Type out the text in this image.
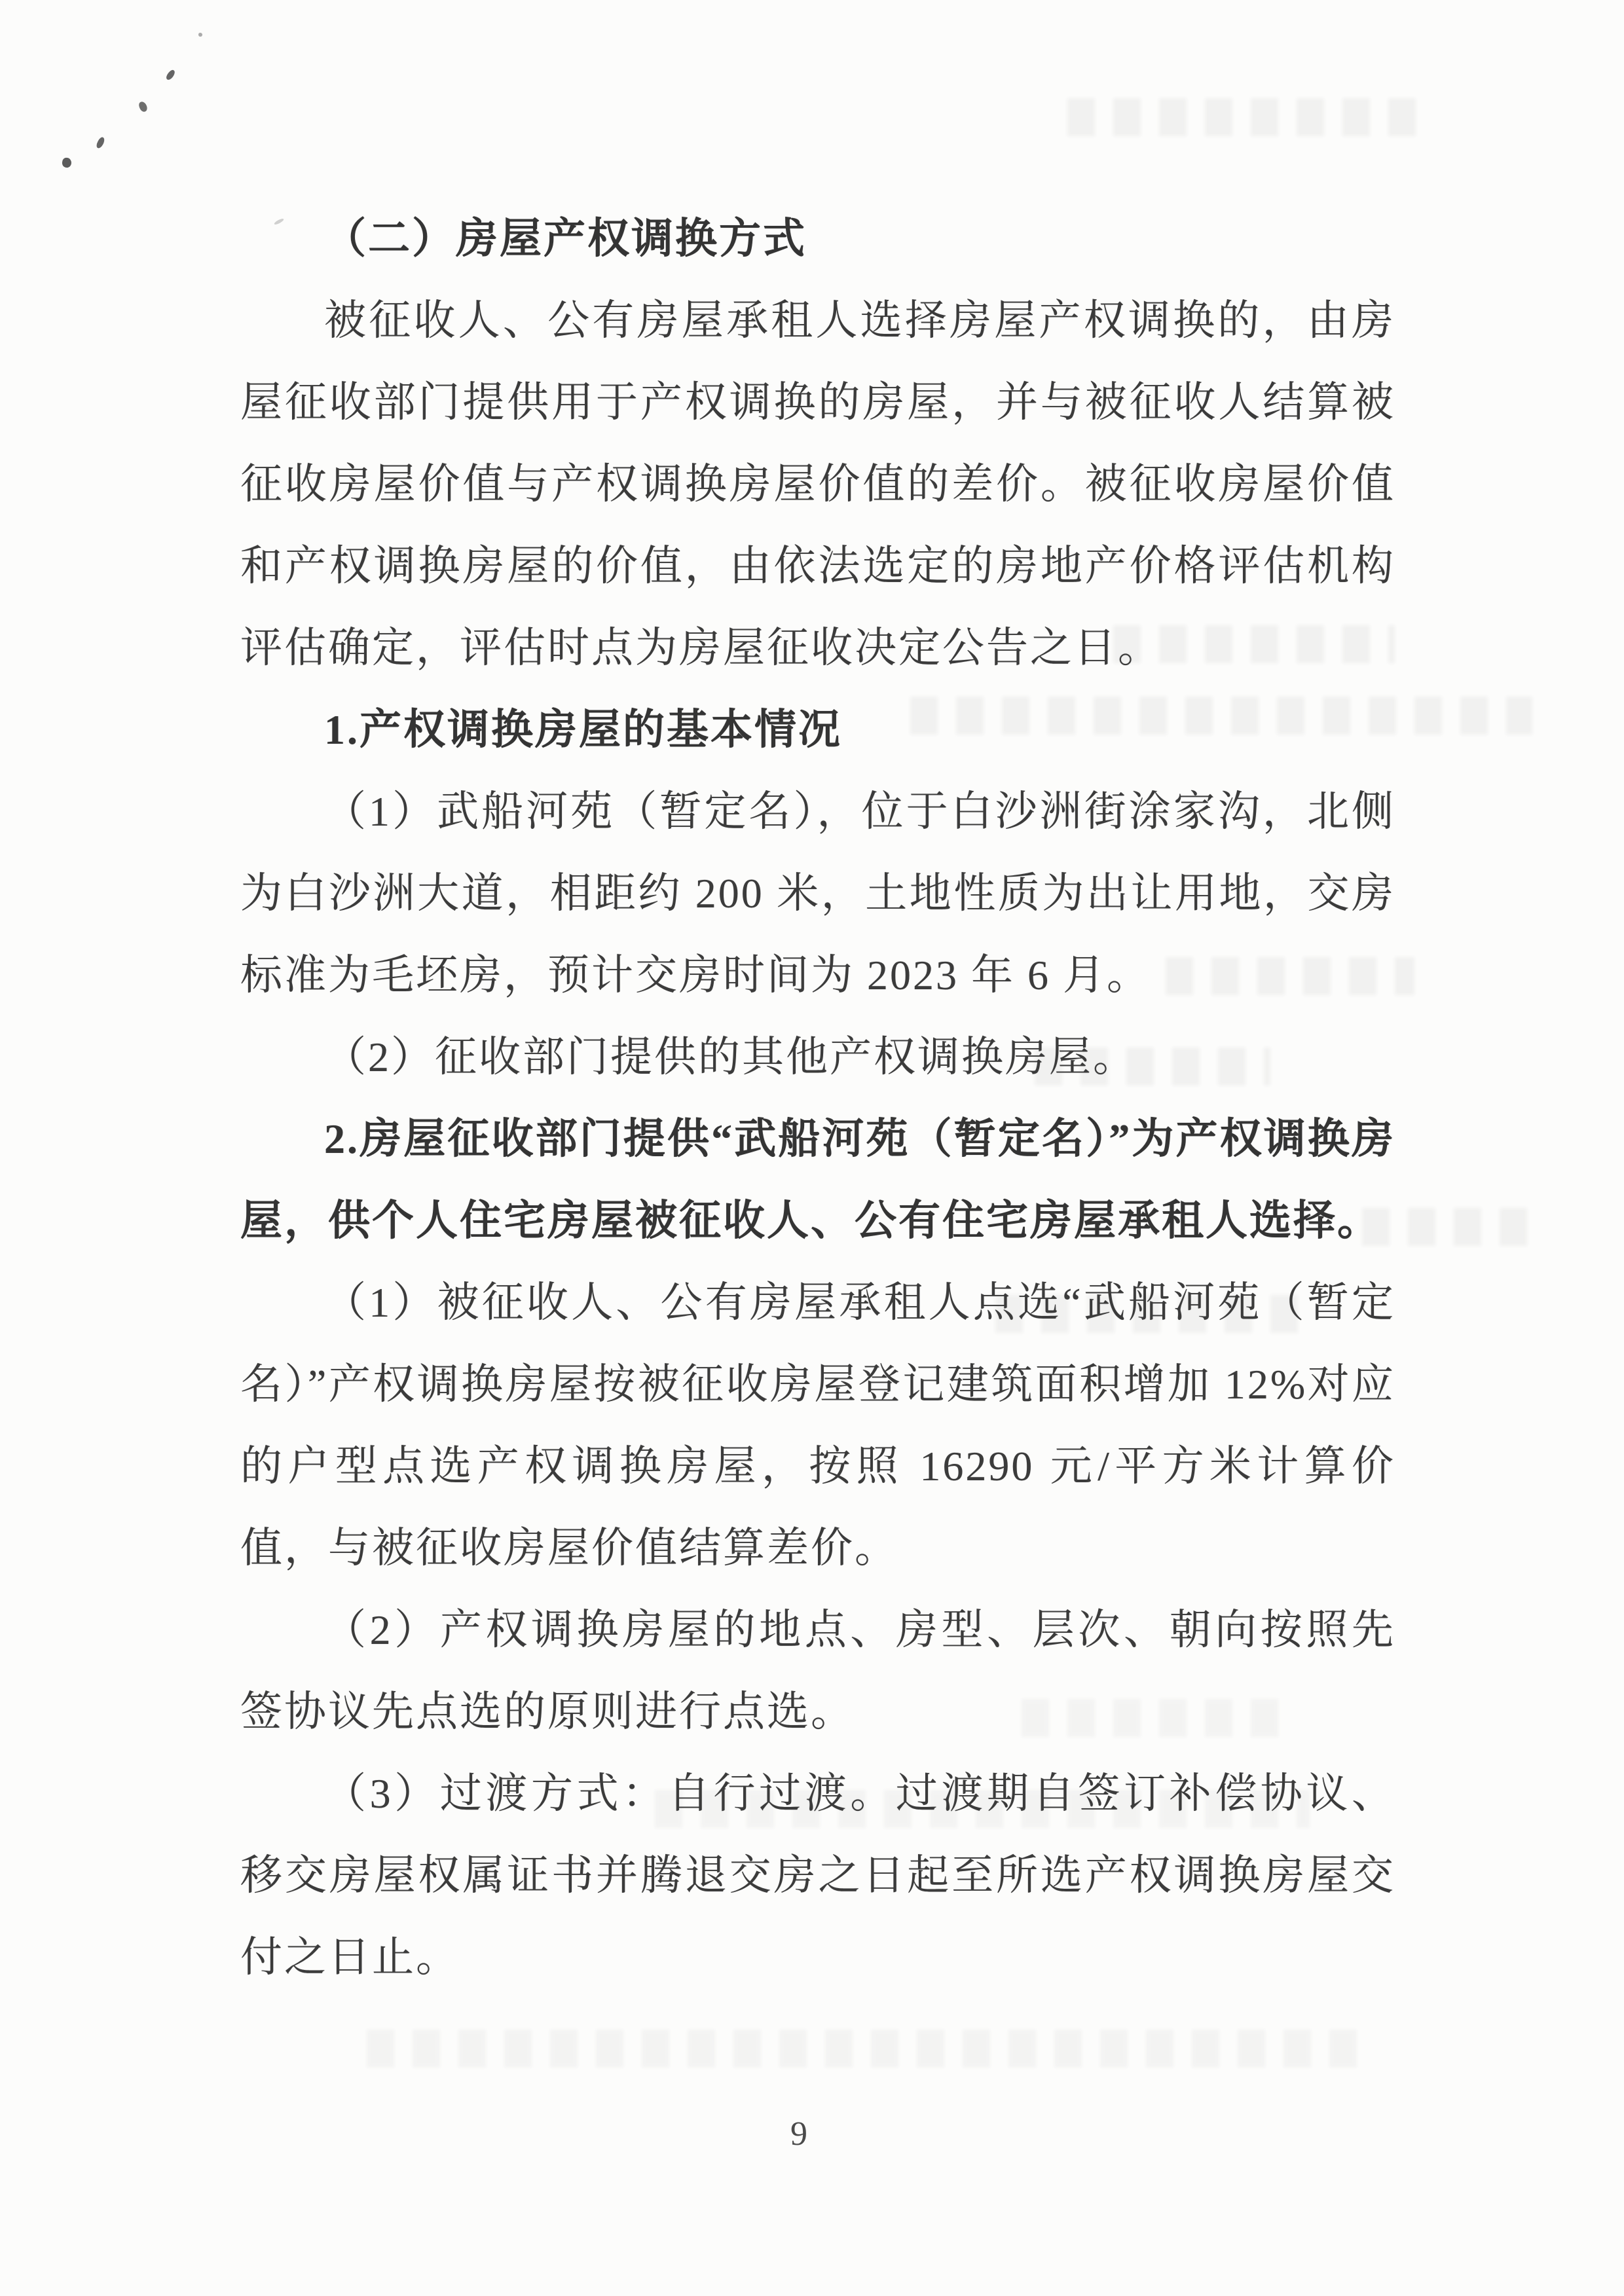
（二）房屋产权调换方式

被征收人、公有房屋承租人选择房屋产权调换的，由房屋征收部门提供用于产权调换的房屋，并与被征收人结算被征收房屋价值与产权调换房屋价值的差价。被征收房屋价值和产权调换房屋的价值，由依法选定的房地产价格评估机构评估确定，评估时点为房屋征收决定公告之日。

1.产权调换房屋的基本情况

（1）武船河苑（暂定名），位于白沙洲街涂家沟，北侧为白沙洲大道，相距约 200 米，土地性质为出让用地，交房标准为毛坯房，预计交房时间为 2023 年 6 月。

（2）征收部门提供的其他产权调换房屋。

2.房屋征收部门提供“武船河苑（暂定名）”为产权调换房屋，供个人住宅房屋被征收人、公有住宅房屋承租人选择。

（1）被征收人、公有房屋承租人点选“武船河苑（暂定名）”产权调换房屋按被征收房屋登记建筑面积增加 12%对应的户型点选产权调换房屋，按照 16290 元/平方米计算价值，与被征收房屋价值结算差价。

（2）产权调换房屋的地点、房型、层次、朝向按照先签协议先点选的原则进行点选。

（3）过渡方式：自行过渡。过渡期自签订补偿协议、移交房屋权属证书并腾退交房之日起至所选产权调换房屋交付之日止。

9
